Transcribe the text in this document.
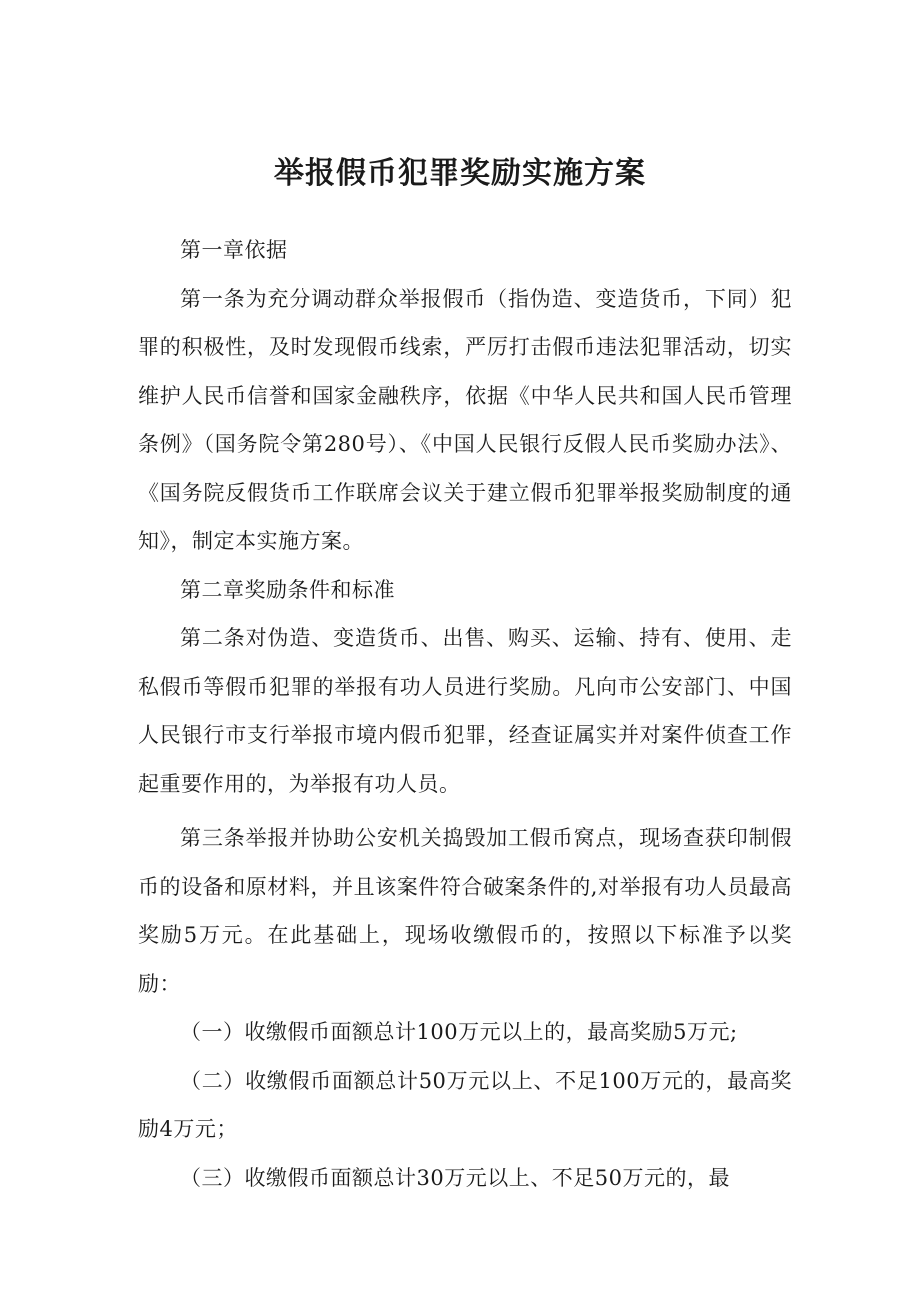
举报假币犯罪奖励实施方案

第一章依据

第一条为充分调动群众举报假币（指伪造、变造货币，下同）犯罪的积极性，及时发现假币线索，严厉打击假币违法犯罪活动，切实维护人民币信誉和国家金融秩序，依据《中华人民共和国人民币管理条例》（国务院令第280号）、《中国人民银行反假人民币奖励办法》、《国务院反假货币工作联席会议关于建立假币犯罪举报奖励制度的通知》，制定本实施方案。

第二章奖励条件和标准

第二条对伪造、变造货币、出售、购买、运输、持有、使用、走私假币等假币犯罪的举报有功人员进行奖励。凡向市公安部门、中国人民银行市支行举报市境内假币犯罪，经查证属实并对案件侦查工作起重要作用的，为举报有功人员。

第三条举报并协助公安机关捣毁加工假币窝点，现场查获印制假币的设备和原材料，并且该案件符合破案条件的,对举报有功人员最高奖励5万元。在此基础上，现场收缴假币的，按照以下标准予以奖励：

（一）收缴假币面额总计100万元以上的，最高奖励5万元;

（二）收缴假币面额总计50万元以上、不足100万元的，最高奖励4万元；

（三）收缴假币面额总计30万元以上、不足50万元的，最
